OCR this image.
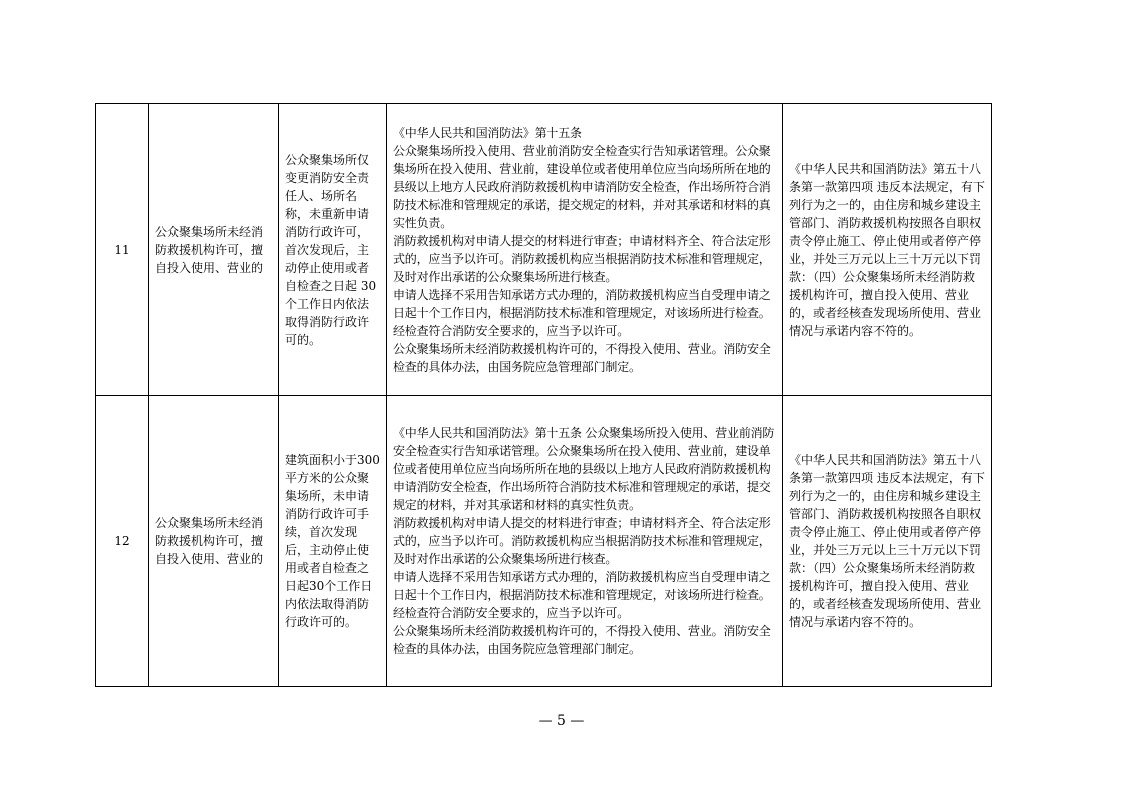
11	公众聚集场所未经消防救援机构许可，擅自投入使用、营业的	公众聚集场所仅变更消防安全责任人、场所名称，未重新申请消防行政许可，首次发现后，主动停止使用或者自检查之日起 30 个工作日内依法取得消防行政许可的。	《中华人民共和国消防法》第十五条

公众聚集场所投入使用、营业前消防安全检查实行告知承诺管理。公众聚集场所在投入使用、营业前，建设单位或者使用单位应当向场所所在地的县级以上地方人民政府消防救援机构申请消防安全检查，作出场所符合消防技术标准和管理规定的承诺，提交规定的材料，并对其承诺和材料的真实性负责。

消防救援机构对申请人提交的材料进行审查；申请材料齐全、符合法定形式的，应当予以许可。消防救援机构应当根据消防技术标准和管理规定，及时对作出承诺的公众聚集场所进行核查。

申请人选择不采用告知承诺方式办理的，消防救援机构应当自受理申请之日起十个工作日内，根据消防技术标准和管理规定，对该场所进行检查。经检查符合消防安全要求的，应当予以许可。

公众聚集场所未经消防救援机构许可的，不得投入使用、营业。消防安全检查的具体办法，由国务院应急管理部门制定。	《中华人民共和国消防法》第五十八条第一款第四项 违反本法规定，有下列行为之一的，由住房和城乡建设主管部门、消防救援机构按照各自职权责令停止施工、停止使用或者停产停业，并处三万元以上三十万元以下罚款：（四）公众聚集场所未经消防救援机构许可，擅自投入使用、营业的，或者经核查发现场所使用、营业情况与承诺内容不符的。
12	公众聚集场所未经消防救援机构许可，擅自投入使用、营业的	建筑面积小于300平方米的公众聚集场所，未申请消防行政许可手续，首次发现后，主动停止使用或者自检查之日起30个工作日内依法取得消防行政许可的。	《中华人民共和国消防法》第十五条 公众聚集场所投入使用、营业前消防安全检查实行告知承诺管理。公众聚集场所在投入使用、营业前，建设单位或者使用单位应当向场所所在地的县级以上地方人民政府消防救援机构申请消防安全检查，作出场所符合消防技术标准和管理规定的承诺，提交规定的材料，并对其承诺和材料的真实性负责。

消防救援机构对申请人提交的材料进行审查；申请材料齐全、符合法定形式的，应当予以许可。消防救援机构应当根据消防技术标准和管理规定，及时对作出承诺的公众聚集场所进行核查。

申请人选择不采用告知承诺方式办理的，消防救援机构应当自受理申请之日起十个工作日内，根据消防技术标准和管理规定，对该场所进行检查。经检查符合消防安全要求的，应当予以许可。

公众聚集场所未经消防救援机构许可的，不得投入使用、营业。消防安全检查的具体办法，由国务院应急管理部门制定。	《中华人民共和国消防法》第五十八条第一款第四项 违反本法规定，有下列行为之一的，由住房和城乡建设主管部门、消防救援机构按照各自职权责令停止施工、停止使用或者停产停业，并处三万元以上三十万元以下罚款：（四）公众聚集场所未经消防救援机构许可，擅自投入使用、营业的，或者经核查发现场所使用、营业情况与承诺内容不符的。
— 5 —
